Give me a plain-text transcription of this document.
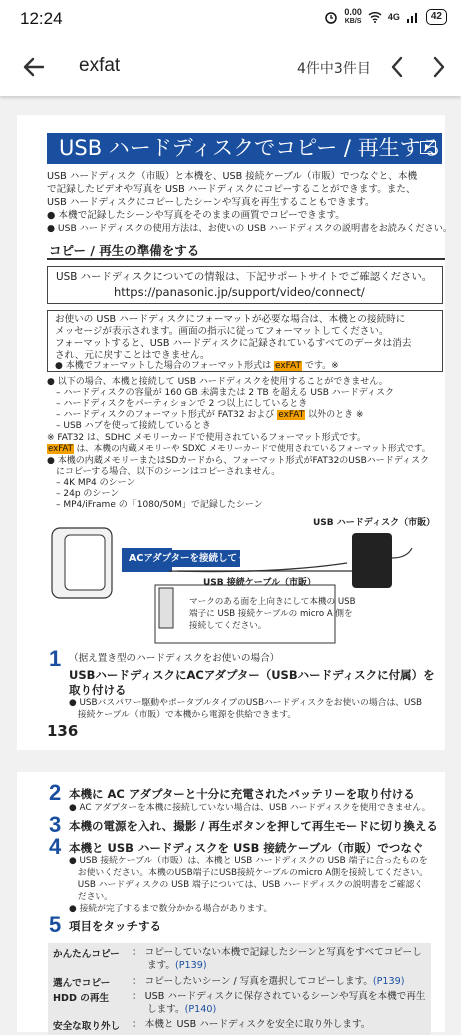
12:24	0.00
KB/S	4G	42
exfat	4件中3件目
USB ハードディスクでコピー / 再生する
USB ハードディスク（市販）と本機を、USB 接続ケーブル（市販）でつなぐと、本機
で記録したビデオや写真を USB ハードディスクにコピーすることができます。また、
USB ハードディスクにコピーしたシーンや写真を再生することもできます。
● 本機で記録したシーンや写真をそのままの画質でコピーできます。
● USB ハードディスクの使用方法は、お使いの USB ハードディスクの説明書をお読みください。
コピー / 再生の準備をする
USB ハードディスクについての情報は、下記サポートサイトでご確認ください。
https://panasonic.jp/support/video/connect/
お使いの USB ハードディスクにフォーマットが必要な場合は、本機との接続時に
メッセージが表示されます。画面の指示に従ってフォーマットしてください。
フォーマットすると、USB ハードディスクに記録されているすべてのデータは消去
され、元に戻すことはできません。
● 本機でフォーマットした場合のフォーマット形式は exFAT です。※
● 以下の場合、本機と接続して USB ハードディスクを使用することができません。
　– ハードディスクの容量が 160 GB 未満または 2 TB を超える USB ハードディスク
　– ハードディスクをパーティションで 2 つ以上にしているとき
　– ハードディスクのフォーマット形式が FAT32 および exFAT 以外のとき ※
　– USB ハブを使って接続しているとき
※ FAT32 は、SDHC メモリーカードで使用されているフォーマット形式です。
exFAT は、本機の内蔵メモリーや SDXC メモリーカードで使用されているフォーマット形式です。
● 本機の内蔵メモリーまたはSDカードから、フォーマット形式がFAT32のUSBハードディスク
　にコピーする場合、以下のシーンはコピーされません。
　– 4K MP4 のシーン
　– 24p のシーン
　– MP4/iFrame の「1080/50M」で記録したシーン
USB ハードディスク（市販）
ACアダプターを接続してください
USB 接続ケーブル（市販）
マークのある面を上向きにして本機の USB
端子に USB 接続ケーブルの micro A 側を
接続してください。
1 （据え置き型のハードディスクをお使いの場合）
USBハードディスクにACアダプター（USBハードディスクに付属）を
取り付ける
● USBバスパワー駆動やポータブルタイプのUSBハードディスクをお使いの場合は、USB
　接続ケーブル（市販）で本機から電源を供給できます。
136
2 本機に AC アダプターと十分に充電されたバッテリーを取り付ける
● AC アダプターを本機に接続していない場合は、USB ハードディスクを使用できません。
3 本機の電源を入れ、撮影 / 再生ボタンを押して再生モードに切り換える
4 本機と USB ハードディスクを USB 接続ケーブル（市販）でつなぐ
● USB 接続ケーブル（市販）は、本機と USB ハードディスクの USB 端子に合ったものを
　お使いください。本機のUSB端子にUSB接続ケーブルのmicro A側を接続してください。
　USB ハードディスクの USB 端子については、USB ハードディスクの説明書をご確認く
　ださい。
● 接続が完了するまで数分かかる場合があります。
5 項目をタッチする
かんたんコピー ： コピーしていない本機で記録したシーンと写真をすべてコピーし
ます。(P139)
選んでコピー ： コピーしたいシーン / 写真を選択してコピーします。(P139)
HDD の再生 ： USB ハードディスクに保存されているシーンや写真を本機で再生
します。(P140)
安全な取り外し ： 本機と USB ハードディスクを安全に取り外します。
